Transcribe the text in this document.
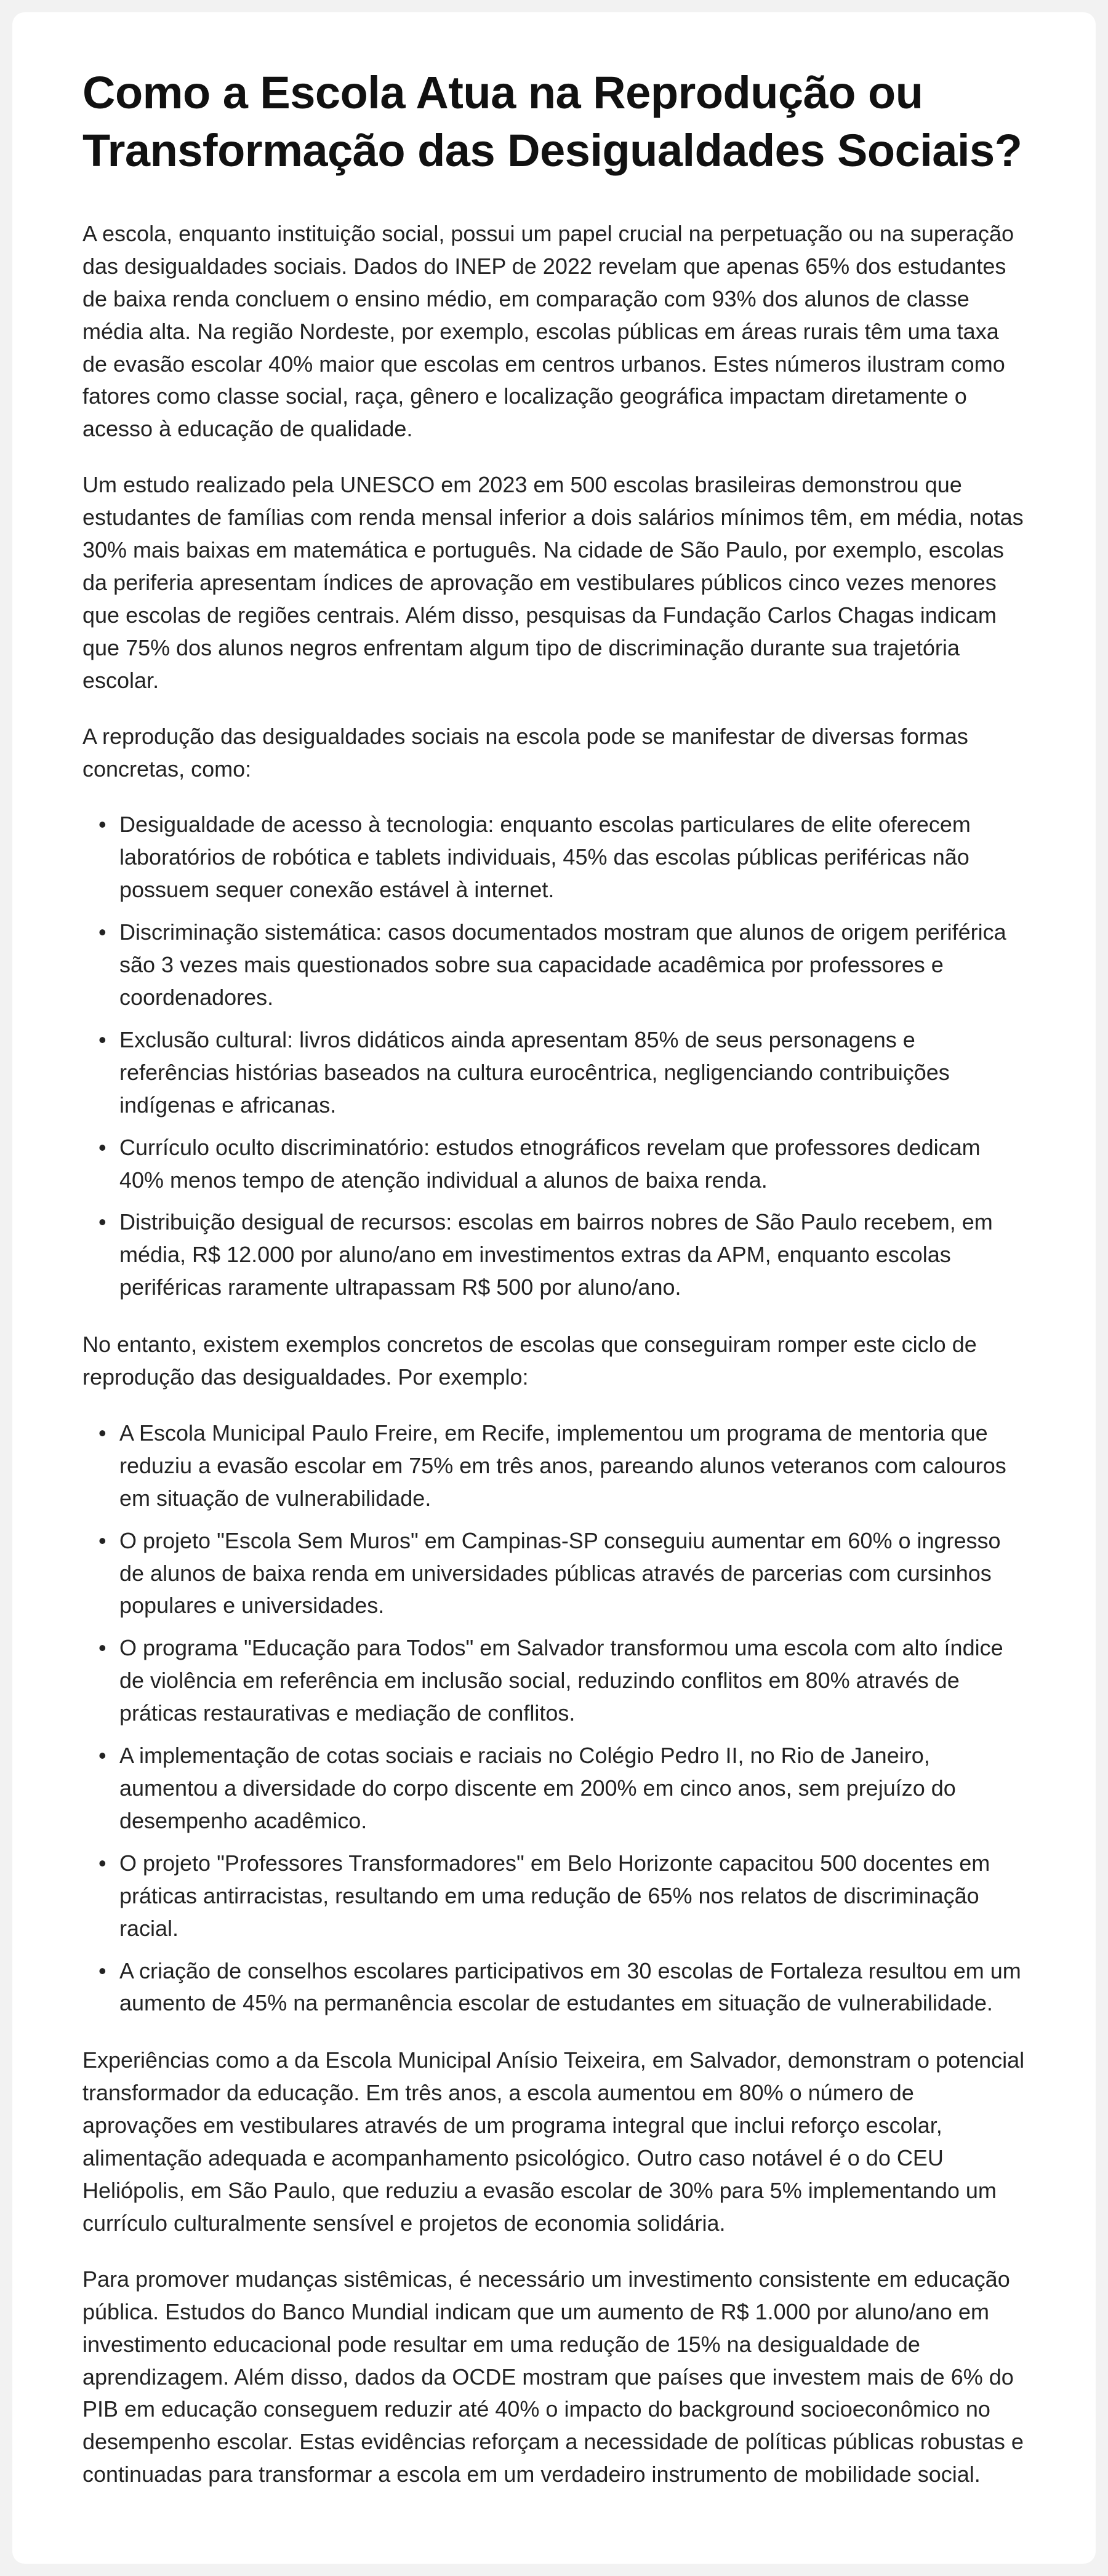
Como a Escola Atua na Reprodução ou Transformação das Desigualdades Sociais?

A escola, enquanto instituição social, possui um papel crucial na perpetuação ou na superação das desigualdades sociais. Dados do INEP de 2022 revelam que apenas 65% dos estudantes de baixa renda concluem o ensino médio, em comparação com 93% dos alunos de classe média alta. Na região Nordeste, por exemplo, escolas públicas em áreas rurais têm uma taxa de evasão escolar 40% maior que escolas em centros urbanos. Estes números ilustram como fatores como classe social, raça, gênero e localização geográfica impactam diretamente o acesso à educação de qualidade.

Um estudo realizado pela UNESCO em 2023 em 500 escolas brasileiras demonstrou que estudantes de famílias com renda mensal inferior a dois salários mínimos têm, em média, notas 30% mais baixas em matemática e português. Na cidade de São Paulo, por exemplo, escolas da periferia apresentam índices de aprovação em vestibulares públicos cinco vezes menores que escolas de regiões centrais. Além disso, pesquisas da Fundação Carlos Chagas indicam que 75% dos alunos negros enfrentam algum tipo de discriminação durante sua trajetória escolar.

A reprodução das desigualdades sociais na escola pode se manifestar de diversas formas concretas, como:

• Desigualdade de acesso à tecnologia: enquanto escolas particulares de elite oferecem laboratórios de robótica e tablets individuais, 45% das escolas públicas periféricas não possuem sequer conexão estável à internet.
• Discriminação sistemática: casos documentados mostram que alunos de origem periférica são 3 vezes mais questionados sobre sua capacidade acadêmica por professores e coordenadores.
• Exclusão cultural: livros didáticos ainda apresentam 85% de seus personagens e referências histórias baseados na cultura eurocêntrica, negligenciando contribuições indígenas e africanas.
• Currículo oculto discriminatório: estudos etnográficos revelam que professores dedicam 40% menos tempo de atenção individual a alunos de baixa renda.
• Distribuição desigual de recursos: escolas em bairros nobres de São Paulo recebem, em média, R$ 12.000 por aluno/ano em investimentos extras da APM, enquanto escolas periféricas raramente ultrapassam R$ 500 por aluno/ano.

No entanto, existem exemplos concretos de escolas que conseguiram romper este ciclo de reprodução das desigualdades. Por exemplo:

• A Escola Municipal Paulo Freire, em Recife, implementou um programa de mentoria que reduziu a evasão escolar em 75% em três anos, pareando alunos veteranos com calouros em situação de vulnerabilidade.
• O projeto "Escola Sem Muros" em Campinas-SP conseguiu aumentar em 60% o ingresso de alunos de baixa renda em universidades públicas através de parcerias com cursinhos populares e universidades.
• O programa "Educação para Todos" em Salvador transformou uma escola com alto índice de violência em referência em inclusão social, reduzindo conflitos em 80% através de práticas restaurativas e mediação de conflitos.
• A implementação de cotas sociais e raciais no Colégio Pedro II, no Rio de Janeiro, aumentou a diversidade do corpo discente em 200% em cinco anos, sem prejuízo do desempenho acadêmico.
• O projeto "Professores Transformadores" em Belo Horizonte capacitou 500 docentes em práticas antirracistas, resultando em uma redução de 65% nos relatos de discriminação racial.
• A criação de conselhos escolares participativos em 30 escolas de Fortaleza resultou em um aumento de 45% na permanência escolar de estudantes em situação de vulnerabilidade.

Experiências como a da Escola Municipal Anísio Teixeira, em Salvador, demonstram o potencial transformador da educação. Em três anos, a escola aumentou em 80% o número de aprovações em vestibulares através de um programa integral que inclui reforço escolar, alimentação adequada e acompanhamento psicológico. Outro caso notável é o do CEU Heliópolis, em São Paulo, que reduziu a evasão escolar de 30% para 5% implementando um currículo culturalmente sensível e projetos de economia solidária.

Para promover mudanças sistêmicas, é necessário um investimento consistente em educação pública. Estudos do Banco Mundial indicam que um aumento de R$ 1.000 por aluno/ano em investimento educacional pode resultar em uma redução de 15% na desigualdade de aprendizagem. Além disso, dados da OCDE mostram que países que investem mais de 6% do PIB em educação conseguem reduzir até 40% o impacto do background socioeconômico no desempenho escolar. Estas evidências reforçam a necessidade de políticas públicas robustas e continuadas para transformar a escola em um verdadeiro instrumento de mobilidade social.
